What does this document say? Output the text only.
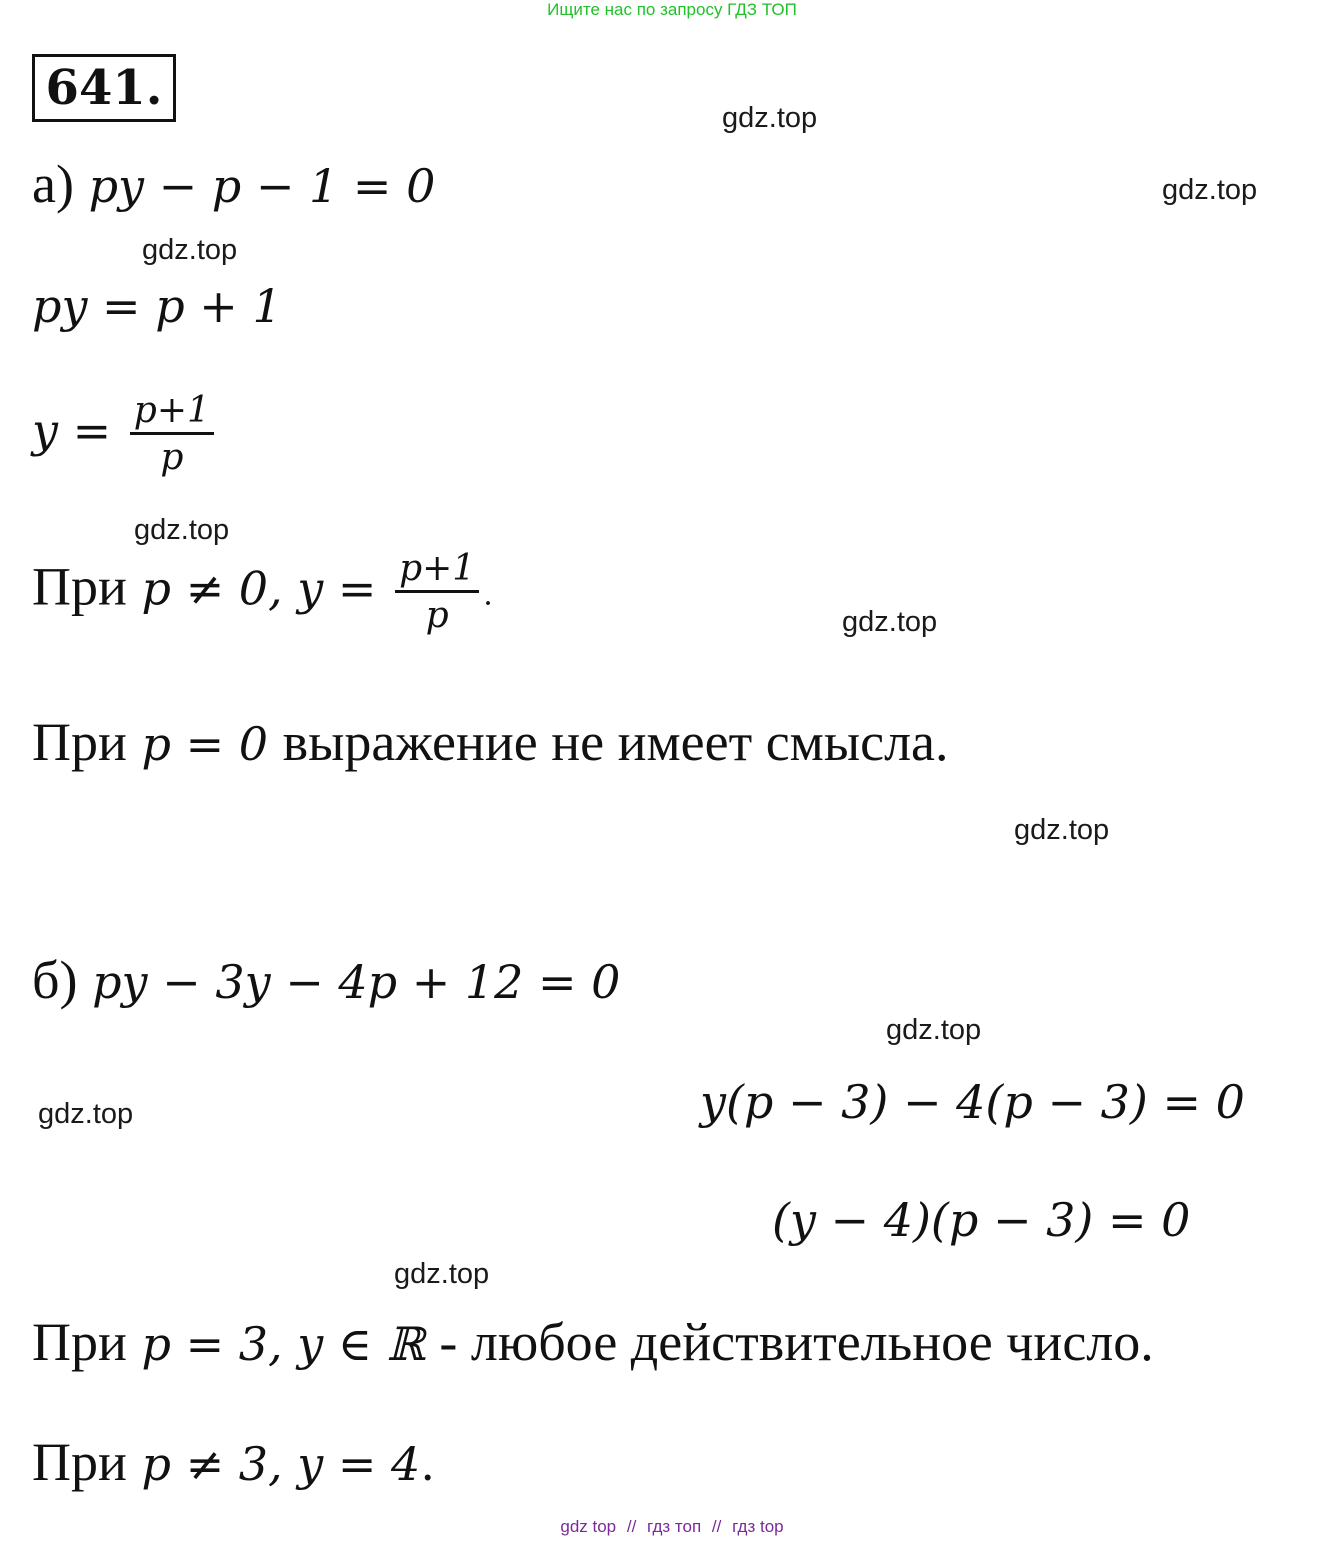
Ищите нас по запросу ГДЗ ТОП
641.
gdz.top
gdz.top
gdz.top
gdz.top
gdz.top
gdz.top
gdz.top
gdz.top
gdz.top
а) py − p − 1 = 0
py = p + 1
$y = \frac{p+1}{p}$
При p ≠ 0, $y = \frac{p+1}{p}$ .
При p = 0 выражение не имеет смысла.
б) py − 3y − 4p + 12 = 0
y(p − 3) − 4(p − 3) = 0
(y − 4)(p − 3) = 0
При p = 3, y ∈ ℝ - любое действительное число.
При p ≠ 3, y = 4.
gdz top // гдз топ // гдз top
